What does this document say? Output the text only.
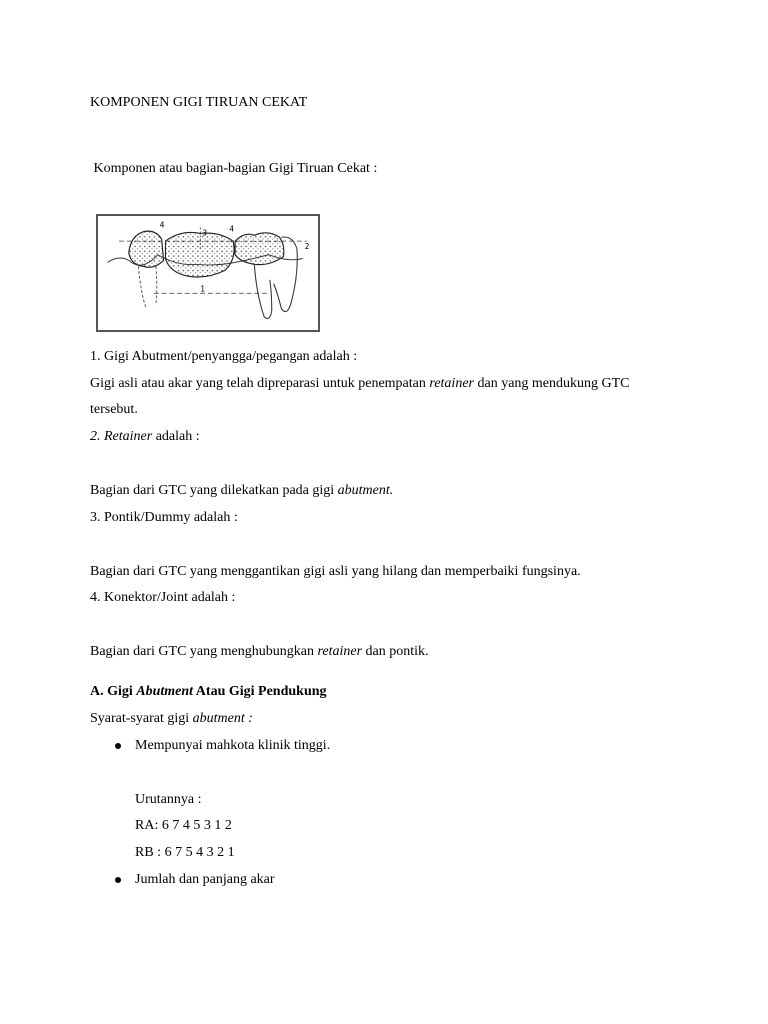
KOMPONEN GIGI TIRUAN CEKAT
Komponen atau bagian-bagian Gigi Tiruan Cekat :
4
3	4
2
1
1. Gigi Abutment/penyangga/pegangan adalah :
Gigi asli atau akar yang telah dipreparasi untuk penempatan retainer dan yang mendukung GTC
tersebut.
2. Retainer adalah :
Bagian dari GTC yang dilekatkan pada gigi abutment.
3. Pontik/Dummy adalah :
Bagian dari GTC yang menggantikan gigi asli yang hilang dan memperbaiki fungsinya.
4. Konektor/Joint adalah :
Bagian dari GTC yang menghubungkan retainer dan pontik.
A. Gigi Abutment Atau Gigi Pendukung
Syarat-syarat gigi abutment :
Mempunyai mahkota klinik tinggi.
Urutannya :
RA: 6 7 4 5 3 1 2
RB : 6 7 5 4 3 2 1
Jumlah dan panjang akar
